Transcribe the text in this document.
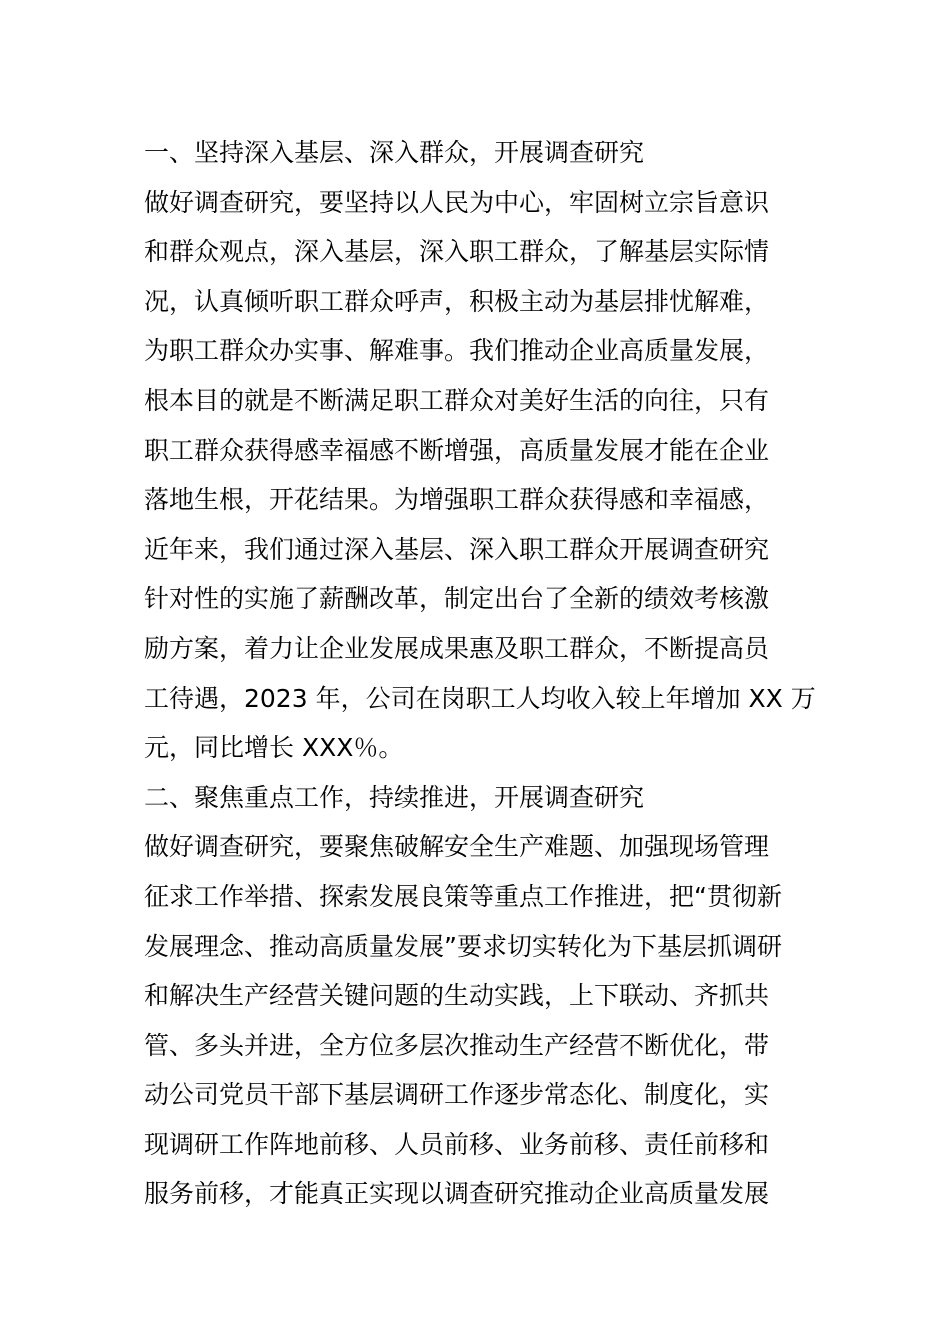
一、坚持深入基层、深入群众，开展调查研究
做好调查研究，要坚持以人民为中心，牢固树立宗旨意识
和群众观点，深入基层，深入职工群众，了解基层实际情
况，认真倾听职工群众呼声，积极主动为基层排忧解难，
为职工群众办实事、解难事。我们推动企业高质量发展，
根本目的就是不断满足职工群众对美好生活的向往，只有
职工群众获得感幸福感不断增强，高质量发展才能在企业
落地生根，开花结果。为增强职工群众获得感和幸福感，
近年来，我们通过深入基层、深入职工群众开展调查研究
针对性的实施了薪酬改革，制定出台了全新的绩效考核激
励方案，着力让企业发展成果惠及职工群众，不断提高员
工待遇，2023 年，公司在岗职工人均收入较上年增加 XX 万
元，同比增长 XXX％。
二、聚焦重点工作，持续推进，开展调查研究
做好调查研究，要聚焦破解安全生产难题、加强现场管理
征求工作举措、探索发展良策等重点工作推进，把“贯彻新
发展理念、推动高质量发展”要求切实转化为下基层抓调研
和解决生产经营关键问题的生动实践，上下联动、齐抓共
管、多头并进，全方位多层次推动生产经营不断优化，带
动公司党员干部下基层调研工作逐步常态化、制度化，实
现调研工作阵地前移、人员前移、业务前移、责任前移和
服务前移，才能真正实现以调查研究推动企业高质量发展
